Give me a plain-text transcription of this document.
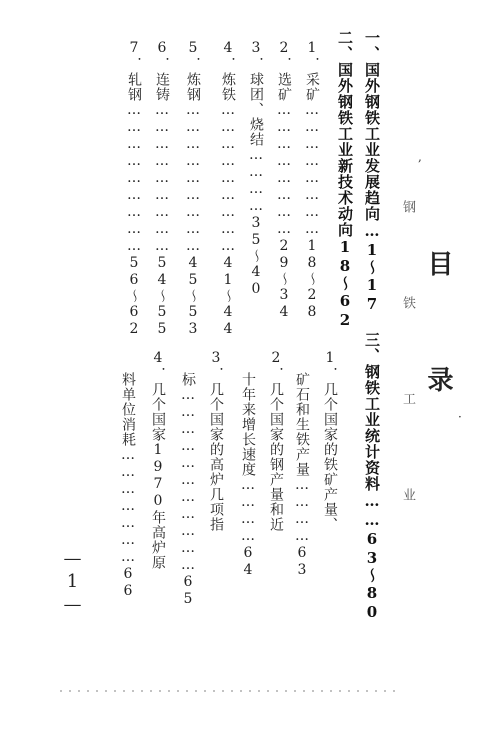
目 录
钢 铁 工 业
一、国外钢铁工业发展趋向…1～17
二、国外钢铁工业新技术动向18～62
1．采矿……………………18～28
2．选矿……………………29～34
3．球团、烧结…………35～40
4．炼铁………………………41～44
5．炼钢………………………45～53
6．连铸………………………54～55
7．轧钢………………………56～62
三、钢铁工业统计资料……63～80
1．几个国家的铁矿产量、
矿石和生铁产量…………63
2．几个国家的钢产量和近
十年来增长速度…………64
3．几个国家的高炉几项指
标……………………………65
4．几个国家1970年高炉原
料单位消耗…………………66
—1—
,
·
